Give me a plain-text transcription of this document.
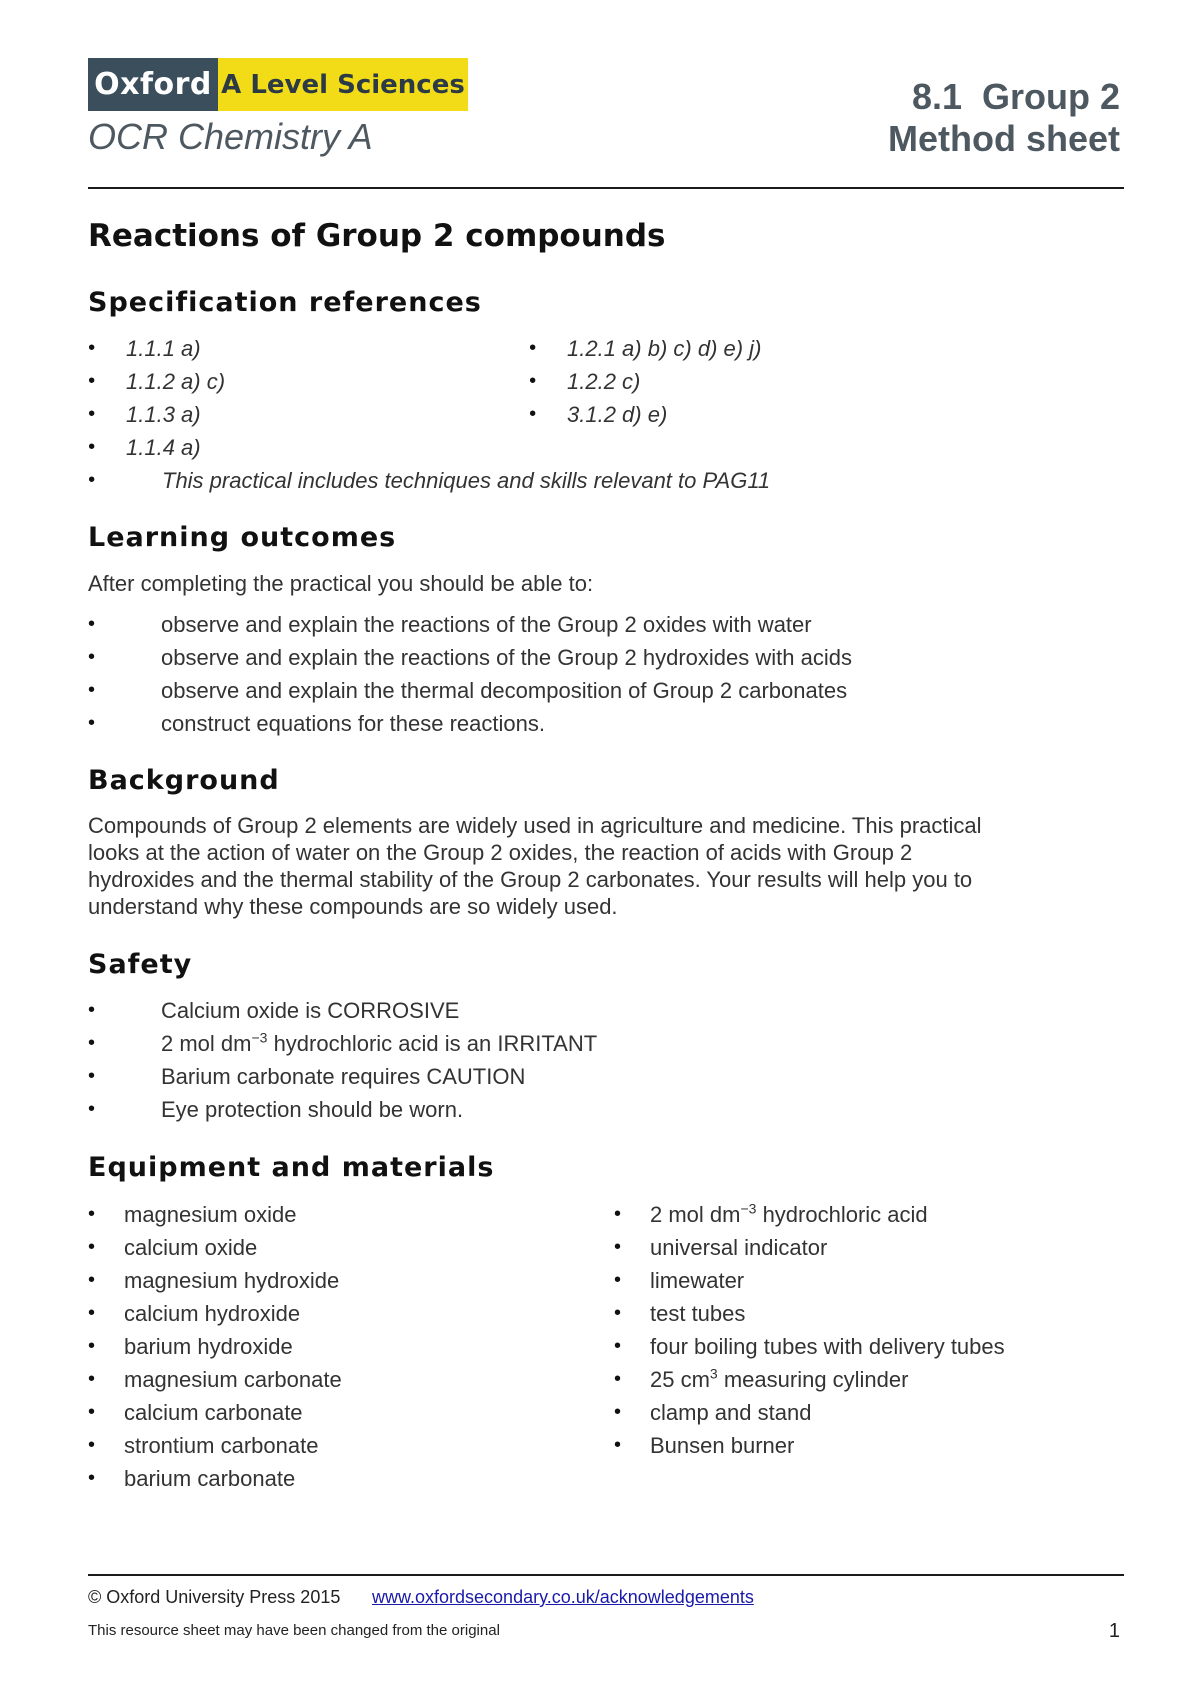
Oxford A Level Sciences
OCR Chemistry A
8.1  Group 2
Method sheet
Reactions of Group 2 compounds
Specification references
• 1.1.1 a)
• 1.1.2 a) c)
• 1.1.3 a)
• 1.1.4 a)
• 1.2.1 a) b) c) d) e) j)
• 1.2.2 c)
• 3.1.2 d) e)
•	This practical includes techniques and skills relevant to PAG11
Learning outcomes

After completing the practical you should be able to:

•	observe and explain the reactions of the Group 2 oxides with water
•	observe and explain the reactions of the Group 2 hydroxides with acids
•	observe and explain the thermal decomposition of Group 2 carbonates
•	construct equations for these reactions.
Background

Compounds of Group 2 elements are widely used in agriculture and medicine. This practical looks at the action of water on the Group 2 oxides, the reaction of acids with Group 2 hydroxides and the thermal stability of the Group 2 carbonates. Your results will help you to understand why these compounds are so widely used.

Safety
•	Calcium oxide is CORROSIVE
•	2 mol $dm^{-3}$ hydrochloric acid is an IRRITANT
•	Barium carbonate requires CAUTION
•	Eye protection should be worn.
Equipment and materials
• magnesium oxide
• calcium oxide
• magnesium hydroxide
• calcium hydroxide
• barium hydroxide
• magnesium carbonate
• calcium carbonate
• strontium carbonate
• barium carbonate
• 2 mol $dm^{-3}$ hydrochloric acid
• universal indicator
• limewater
• test tubes
• four boiling tubes with delivery tubes
• 25 $cm^3$ measuring cylinder
• clamp and stand
• Bunsen burner
© Oxford University Press 2015 www.oxfordsecondary.co.uk/acknowledgements
This resource sheet may have been changed from the original	1
